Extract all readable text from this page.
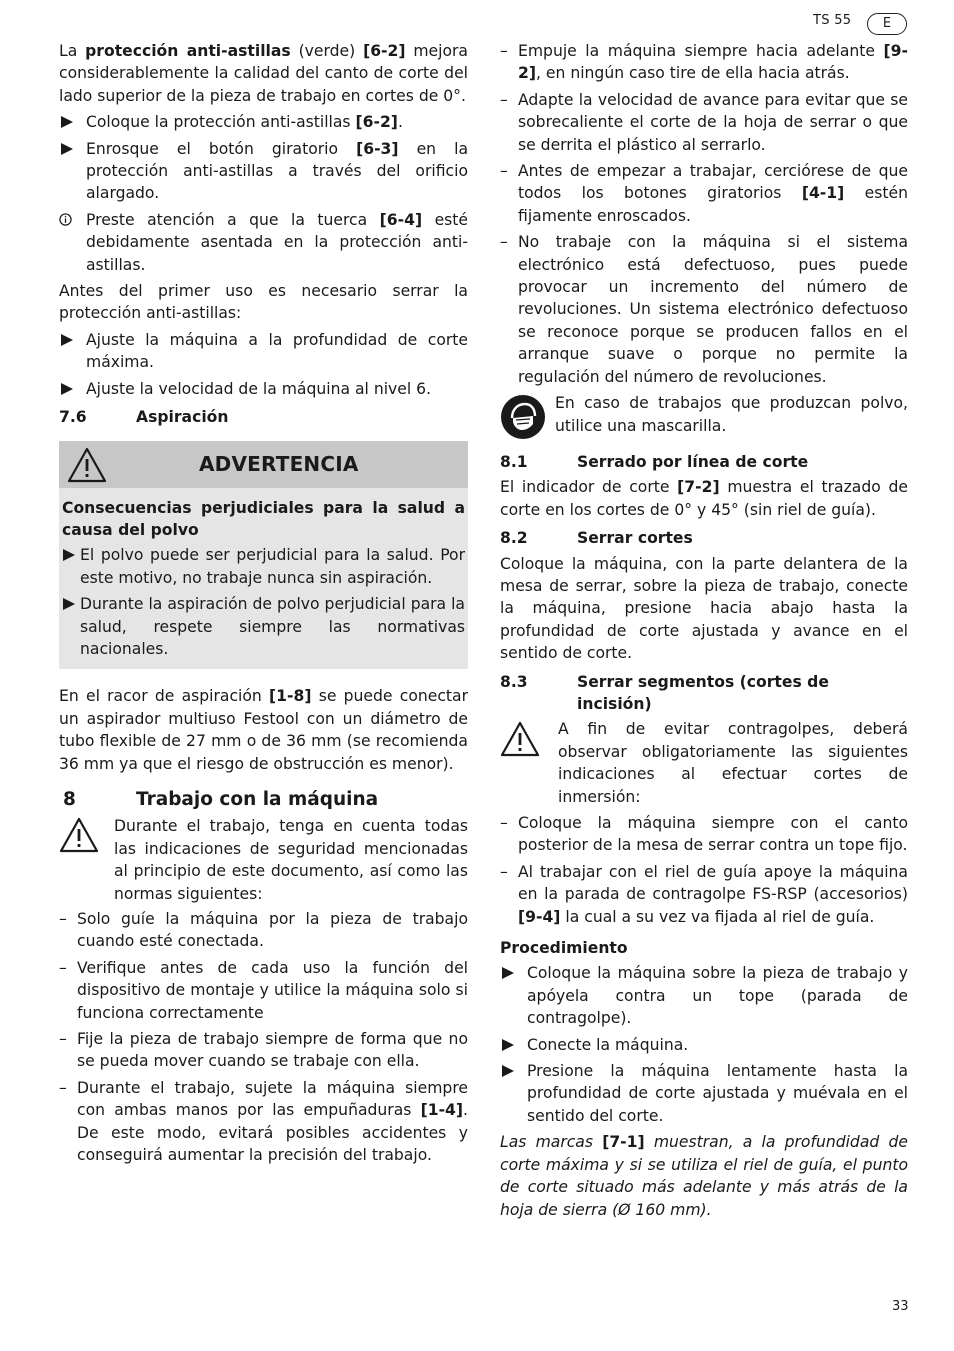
TS 55	E

La protección anti-astillas (verde) [6-2] mejora considerablemente la calidad del canto de corte del lado superior de la pieza de trabajo en cortes de 0°.

Coloque la protección anti-astillas [6-2].
Enrosque el botón giratorio [6-3] en la protección anti-astillas a través del orificio alargado.
Preste atención a que la tuerca [6-4] esté debidamente asentada en la protección anti-astillas.

Antes del primer uso es necesario serrar la protección anti-astillas:

Ajuste la máquina a la profundidad de corte máxima.
Ajuste la velocidad de la máquina al nivel 6.
7.6	Aspiración
ADVERTENCIA

Consecuencias perjudiciales para la salud a causa del polvo

El polvo puede ser perjudicial para la salud. Por este motivo, no trabaje nunca sin aspiración.
Durante la aspiración de polvo perjudicial para la salud, respete siempre las normativas nacionales.

En el racor de aspiración [1-8] se puede conectar un aspirador multiuso Festool con un diámetro de tubo flexible de 27 mm o de 36 mm (se recomienda 36 mm ya que el riesgo de obstrucción es menor).

8	Trabajo con la máquina

Durante el trabajo, tenga en cuenta todas las indicaciones de seguridad mencionadas al principio de este documento, así como las normas siguientes:

– Solo guíe la máquina por la pieza de trabajo cuando esté conectada.
– Verifique antes de cada uso la función del dispositivo de montaje y utilice la máquina solo si funciona correctamente
– Fije la pieza de trabajo siempre de forma que no se pueda mover cuando se trabaje con ella.
– Durante el trabajo, sujete la máquina siempre con ambas manos por las empuñaduras [1-4]. De este modo, evitará posibles accidentes y conseguirá aumentar la precisión del trabajo.
– Empuje la máquina siempre hacia adelante [9-2], en ningún caso tire de ella hacia atrás.
– Adapte la velocidad de avance para evitar que se sobrecaliente el corte de la hoja de serrar o que se derrita el plástico al serrarlo.
– Antes de empezar a trabajar, cerciórese de que todos los botones giratorios [4-1] estén fijamente enroscados.
– No trabaje con la máquina si el sistema electrónico está defectuoso, pues puede provocar un incremento del número de revoluciones. Un sistema electrónico defectuoso se reconoce porque se producen fallos en el arranque suave o porque no permite la regulación del número de revoluciones.

En caso de trabajos que produzcan polvo, utilice una mascarilla.

8.1	Serrado por línea de corte

El indicador de corte [7-2] muestra el trazado de corte en los cortes de 0° y 45° (sin riel de guía).

8.2	Serrar cortes

Coloque la máquina, con la parte delantera de la mesa de serrar, sobre la pieza de trabajo, conecte la máquina, presione hacia abajo hasta la profundidad de corte ajustada y avance en el sentido de corte.

8.3	Serrar segmentos (cortes de incisión)

A fin de evitar contragolpes, deberá observar obligatoriamente las siguientes indicaciones al efectuar cortes de inmersión:

– Coloque la máquina siempre con el canto posterior de la mesa de serrar contra un tope fijo.
– Al trabajar con el riel de guía apoye la máquina en la parada de contragolpe FS-RSP (accesorios) [9-4] la cual a su vez va fijada al riel de guía.

Procedimiento

Coloque la máquina sobre la pieza de trabajo y apóyela contra un tope (parada de contragolpe).
Conecte la máquina.
Presione la máquina lentamente hasta la profundidad de corte ajustada y muévala en el sentido del corte.

Las marcas [7-1] muestran, a la profundidad de corte máxima y si se utiliza el riel de guía, el punto de corte situado más adelante y más atrás de la hoja de sierra (Ø 160 mm).

33
